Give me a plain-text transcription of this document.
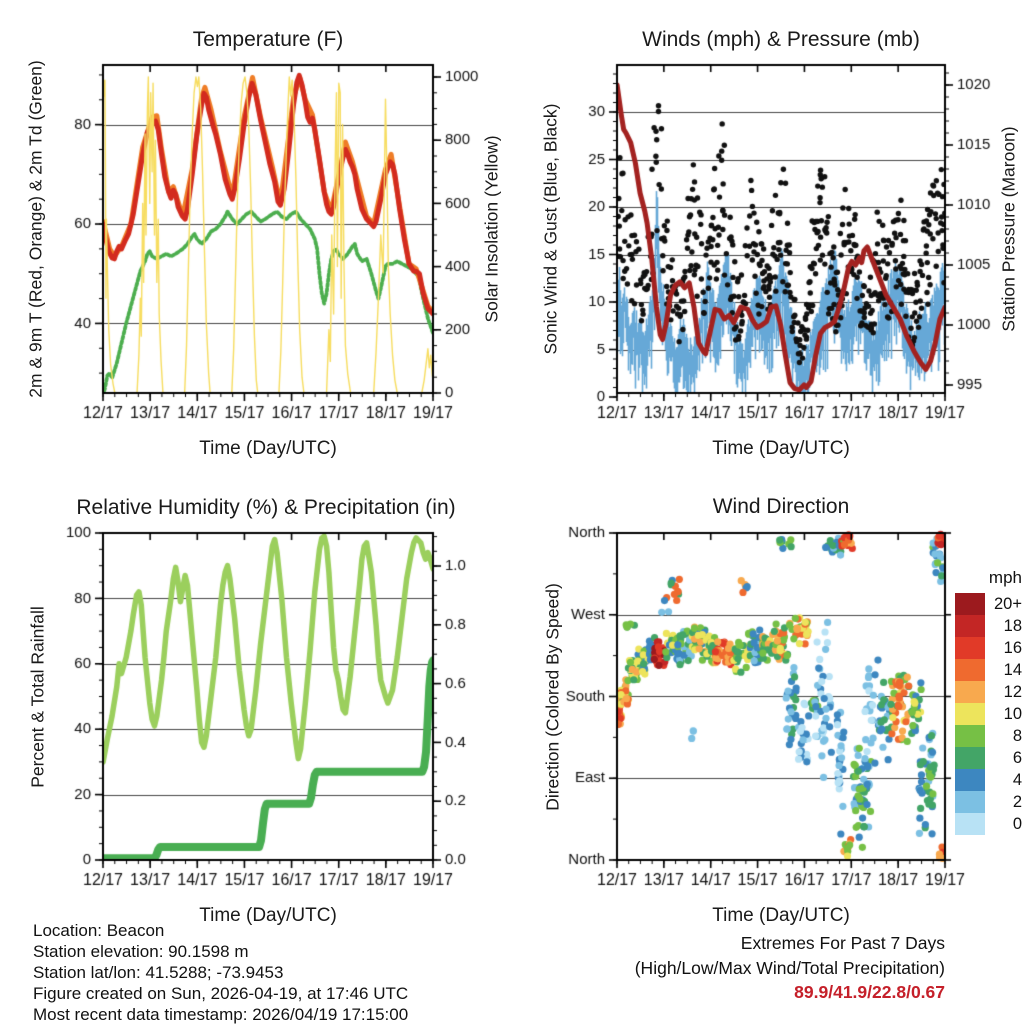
Temperature (F)	Winds (mph) & Pressure (mb)
Relative Humidity (%) & Precipitation (in)	Wind Direction
2m & 9m T (Red, Orange) & 2m Td (Green)	Solar Insolation (Yellow) Sonic Wind & Gust (Blue, Black)	Station Pressure (Maroon)
Percent & Total Rainfall	Direction (Colored By Speed)
Time (Day/UTC)	Time (Day/UTC)
Time (Day/UTC)	Time (Day/UTC)
mph
20+
18
16
14
12
10
8
6
4
2
0
Location: Beacon
Station elevation: 90.1598 m
Station lat/lon: 41.5288; -73.9453
Figure created on Sun, 2026-04-19, at 17:46 UTC
Most recent data timestamp: 2026/04/19 17:15:00
Extremes For Past 7 Days
(High/Low/Max Wind/Total Precipitation)
89.9/41.9/22.8/0.67
